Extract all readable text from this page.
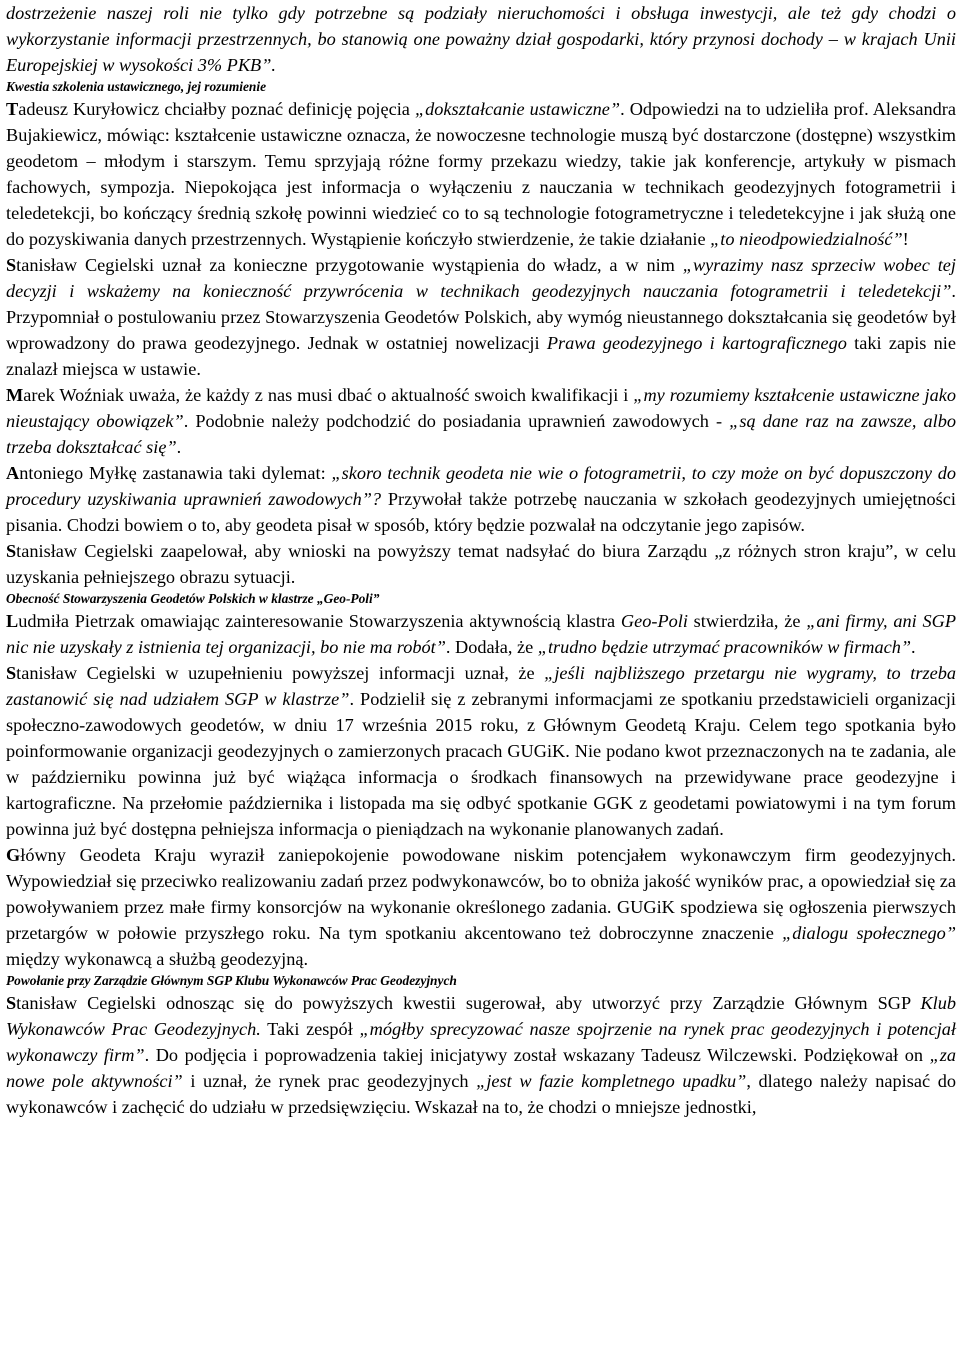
dostrzeżenie naszej roli nie tylko gdy potrzebne są podziały nieruchomości i obsługa inwestycji, ale też gdy chodzi o wykorzystanie informacji przestrzennych, bo stanowią one poważny dział gospodarki, który przynosi dochody – w krajach Unii Europejskiej w wysokości 3% PKB”.

Kwestia szkolenia ustawicznego, jej rozumienie

Tadeusz Kuryłowicz chciałby poznać definicję pojęcia „dokształcanie ustawiczne”. Odpowiedzi na to udzieliła prof. Aleksandra Bujakiewicz, mówiąc: kształcenie ustawiczne oznacza, że nowoczesne technologie muszą być dostarczone (dostępne) wszystkim geodetom – młodym i starszym. Temu sprzyjają różne formy przekazu wiedzy, takie jak konferencje, artykuły w pismach fachowych, sympozja. Niepokojąca jest informacja o wyłączeniu z nauczania w technikach geodezyjnych fotogrametrii i teledetekcji, bo kończący średnią szkołę powinni wiedzieć co to są technologie fotogrametryczne i teledetekcyjne i jak służą one do pozyskiwania danych przestrzennych. Wystąpienie kończyło stwierdzenie, że takie działanie „to nieodpowiedzialność”!

Stanisław Cegielski uznał za konieczne przygotowanie wystąpienia do władz, a w nim „wyrazimy nasz sprzeciw wobec tej decyzji i wskażemy na konieczność przywrócenia w technikach geodezyjnych nauczania fotogrametrii i teledetekcji”. Przypomniał o postulowaniu przez Stowarzyszenia Geodetów Polskich, aby wymóg nieustannego dokształcania się geodetów był wprowadzony do prawa geodezyjnego. Jednak w ostatniej nowelizacji Prawa geodezyjnego i kartograficznego taki zapis nie znalazł miejsca w ustawie.

Marek Woźniak uważa, że każdy z nas musi dbać o aktualność swoich kwalifikacji i „my rozumiemy kształcenie ustawiczne jako nieustający obowiązek”. Podobnie należy podchodzić do posiadania uprawnień zawodowych - „są dane raz na zawsze, albo trzeba dokształcać się”.

Antoniego Myłkę zastanawia taki dylemat: „skoro technik geodeta nie wie o fotogrametrii, to czy może on być dopuszczony do procedury uzyskiwania uprawnień zawodowych”? Przywołał także potrzebę nauczania w szkołach geodezyjnych umiejętności pisania. Chodzi bowiem o to, aby geodeta pisał w sposób, który będzie pozwalał na odczytanie jego zapisów.

Stanisław Cegielski zaapelował, aby wnioski na powyższy temat nadsyłać do biura Zarządu „z różnych stron kraju”, w celu uzyskania pełniejszego obrazu sytuacji.

Obecność Stowarzyszenia Geodetów Polskich w klastrze „Geo-Poli”

Ludmiła Pietrzak omawiając zainteresowanie Stowarzyszenia aktywnością klastra Geo-Poli stwierdziła, że „ani firmy, ani SGP nic nie uzyskały z istnienia tej organizacji, bo nie ma robót”. Dodała, że „trudno będzie utrzymać pracowników w firmach”.

Stanisław Cegielski w uzupełnieniu powyższej informacji uznał, że „jeśli najbliższego przetargu nie wygramy, to trzeba zastanowić się nad udziałem SGP w klastrze”. Podzielił się z zebranymi informacjami ze spotkaniu przedstawicieli organizacji społeczno-zawodowych geodetów, w dniu 17 września 2015 roku, z Głównym Geodetą Kraju. Celem tego spotkania było poinformowanie organizacji geodezyjnych o zamierzonych pracach GUGiK. Nie podano kwot przeznaczonych na te zadania, ale w październiku powinna już być wiążąca informacja o środkach finansowych na przewidywane prace geodezyjne i kartograficzne. Na przełomie października i listopada ma się odbyć spotkanie GGK z geodetami powiatowymi i na tym forum powinna już być dostępna pełniejsza informacja o pieniądzach na wykonanie planowanych zadań.

Główny Geodeta Kraju wyraził zaniepokojenie powodowane niskim potencjałem wykonawczym firm geodezyjnych. Wypowiedział się przeciwko realizowaniu zadań przez podwykonawców, bo to obniża jakość wyników prac, a opowiedział się za powoływaniem przez małe firmy konsorcjów na wykonanie określonego zadania. GUGiK spodziewa się ogłoszenia pierwszych przetargów w połowie przyszłego roku. Na tym spotkaniu akcentowano też dobroczynne znaczenie „dialogu społecznego” między wykonawcą a służbą geodezyjną.

Powołanie przy Zarządzie Głównym SGP Klubu Wykonawców Prac Geodezyjnych

Stanisław Cegielski odnosząc się do powyższych kwestii sugerował, aby utworzyć przy Zarządzie Głównym SGP Klub Wykonawców Prac Geodezyjnych. Taki zespół „mógłby sprecyzować nasze spojrzenie na rynek prac geodezyjnych i potencjał wykonawczy firm”. Do podjęcia i poprowadzenia takiej inicjatywy został wskazany Tadeusz Wilczewski. Podziękował on „za nowe pole aktywności” i uznał, że rynek prac geodezyjnych „jest w fazie kompletnego upadku”, dlatego należy napisać do wykonawców i zachęcić do udziału w przedsięwzięciu. Wskazał na to, że chodzi o mniejsze jednostki,
